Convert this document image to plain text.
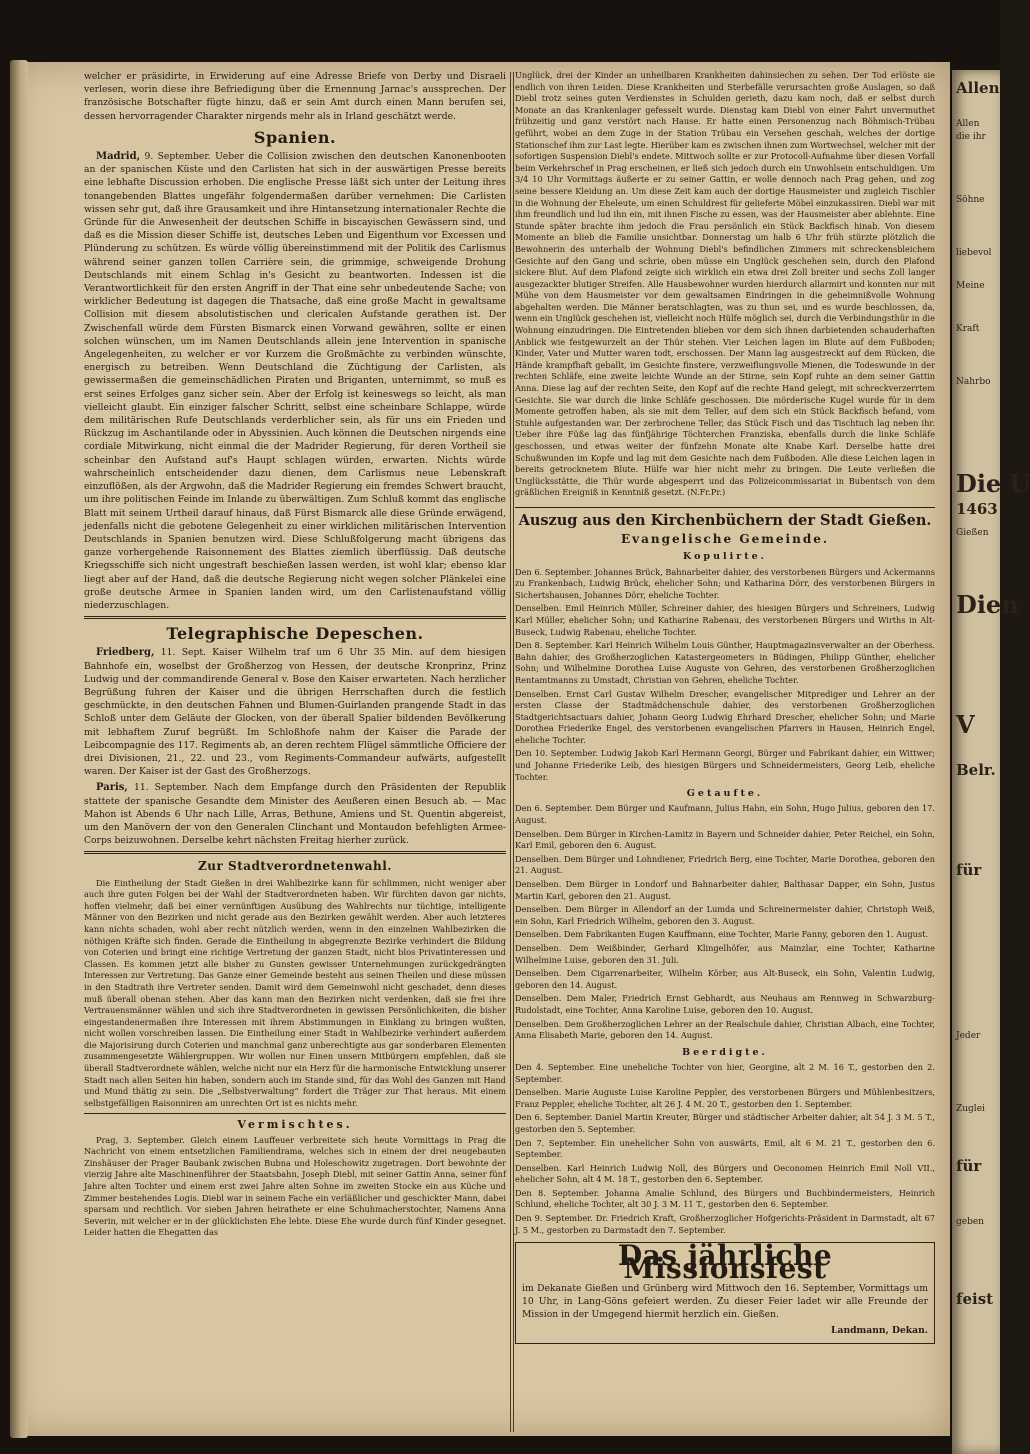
Allen
Allen
die ihr
Söhne
liebevol
Meine
Kraft
Nahrbo
Die U
1463
Gießen
Dien
V
Belr.
für
Jeder
Zuglei
für
geben
feist

welcher er präsidirte, in Erwiderung auf eine Adresse Briefe von Derby und Disraeli verlesen, worin diese ihre Befriedigung über die Ernennung Jarnac's aussprechen. Der französische Botschafter fügte hinzu, daß er sein Amt durch einen Mann berufen sei, dessen hervorragender Charakter nirgends mehr als in Irland geschätzt werde.

Spanien.

Madrid, 9. September. Ueber die Collision zwischen den deutschen Kanonenbooten an der spanischen Küste und den Carlisten hat sich in der auswärtigen Presse bereits eine lebhafte Discussion erhoben. Die englische Presse läßt sich unter der Leitung ihres tonangebenden Blattes ungefähr folgendermaßen darüber vernehmen: Die Carlisten wissen sehr gut, daß ihre Grausamkeit und ihre Hintansetzung internationaler Rechte die Gründe für die Anwesenheit der deutschen Schiffe in biscayischen Gewässern sind, und daß es die Mission dieser Schiffe ist, deutsches Leben und Eigenthum vor Excessen und Plünderung zu schützen. Es würde völlig übereinstimmend mit der Politik des Carlismus während seiner ganzen tollen Carrière sein, die grimmige, schweigende Drohung Deutschlands mit einem Schlag in's Gesicht zu beantworten. Indessen ist die Verantwortlichkeit für den ersten Angriff in der That eine sehr unbedeutende Sache; von wirklicher Bedeutung ist dagegen die Thatsache, daß eine große Macht in gewaltsame Collision mit diesem absolutistischen und clericalen Aufstande gerathen ist. Der Zwischenfall würde dem Fürsten Bismarck einen Vorwand gewähren, sollte er einen solchen wünschen, um im Namen Deutschlands allein jene Intervention in spanische Angelegenheiten, zu welcher er vor Kurzem die Großmächte zu verbinden wünschte, energisch zu betreiben. Wenn Deutschland die Züchtigung der Carlisten, als gewissermaßen die gemeinschädlichen Piraten und Briganten, unternimmt, so muß es erst seines Erfolges ganz sicher sein. Aber der Erfolg ist keineswegs so leicht, als man vielleicht glaubt. Ein einziger falscher Schritt, selbst eine scheinbare Schlappe, würde dem militärischen Rufe Deutschlands verderblicher sein, als für uns ein Frieden und Rückzug im Aschantilande oder in Abyssinien. Auch können die Deutschen nirgends eine cordiale Mitwirkung, nicht einmal die der Madrider Regierung, für deren Vortheil sie scheinbar den Aufstand auf's Haupt schlagen würden, erwarten. Nichts würde wahrscheinlich entscheidender dazu dienen, dem Carlismus neue Lebenskraft einzuflößen, als der Argwohn, daß die Madrider Regierung ein fremdes Schwert braucht, um ihre politischen Feinde im Inlande zu überwältigen. Zum Schluß kommt das englische Blatt mit seinem Urtheil darauf hinaus, daß Fürst Bismarck alle diese Gründe erwägend, jedenfalls nicht die gebotene Gelegenheit zu einer wirklichen militärischen Intervention Deutschlands in Spanien benutzen wird. Diese Schlußfolgerung macht übrigens das ganze vorhergehende Raisonnement des Blattes ziemlich überflüssig. Daß deutsche Kriegsschiffe sich nicht ungestraft beschießen lassen werden, ist wohl klar; ebenso klar liegt aber auf der Hand, daß die deutsche Regierung nicht wegen solcher Plänkelei eine große deutsche Armee in Spanien landen wird, um den Carlistenaufstand völlig niederzuschlagen.

Telegraphische Depeschen.

Friedberg, 11. Sept. Kaiser Wilhelm traf um 6 Uhr 35 Min. auf dem hiesigen Bahnhofe ein, woselbst der Großherzog von Hessen, der deutsche Kronprinz, Prinz Ludwig und der commandirende General v. Bose den Kaiser erwarteten. Nach herzlicher Begrüßung fuhren der Kaiser und die übrigen Herrschaften durch die festlich geschmückte, in den deutschen Fahnen und Blumen-Guirlanden prangende Stadt in das Schloß unter dem Geläute der Glocken, von der überall Spalier bildenden Bevölkerung mit lebhaftem Zuruf begrüßt. Im Schloßhofe nahm der Kaiser die Parade der Leibcompagnie des 117. Regiments ab, an deren rechtem Flügel sämmtliche Officiere der drei Divisionen, 21., 22. und 23., vom Regiments-Commandeur aufwärts, aufgestellt waren. Der Kaiser ist der Gast des Großherzogs.

Paris, 11. September. Nach dem Empfange durch den Präsidenten der Republik stattete der spanische Gesandte dem Minister des Aeußeren einen Besuch ab. — Mac Mahon ist Abends 6 Uhr nach Lille, Arras, Bethune, Amiens und St. Quentin abgereist, um den Manövern der von den Generalen Clinchant und Montaudon befehligten Armee-Corps beizuwohnen. Derselbe kehrt nächsten Freitag hierher zurück.

Zur Stadtverordnetenwahl.

Die Eintheilung der Stadt Gießen in drei Wahlbezirke kann für schlimmen, nicht weniger aber auch ihre guten Folgen bei der Wahl der Stadtverordneten haben. Wir fürchten davon gar nichts, hoffen vielmehr, daß bei einer vernünftigen Ausübung des Wahlrechts nur tüchtige, intelligente Männer von den Bezirken und nicht gerade aus den Bezirken gewählt werden. Aber auch letzteres kann nichts schaden, wohl aber recht nützlich werden, wenn in den einzelnen Wahlbezirken die nöthigen Kräfte sich finden. Gerade die Eintheilung in abgegrenzte Bezirke verhindert die Bildung von Coterien und bringt eine richtige Vertretung der ganzen Stadt, nicht blos Privatinteressen und Classen. Es kommen jetzt alle bisher zu Gunsten gewisser Unternehmungen zurückgedrängten Interessen zur Vertretung. Das Ganze einer Gemeinde besteht aus seinen Theilen und diese müssen in den Stadtrath ihre Vertreter senden. Damit wird dem Gemeinwohl nicht geschadet, denn dieses muß überall obenan stehen. Aber das kann man den Bezirken nicht verdenken, daß sie frei ihre Vertrauensmänner wählen und sich ihre Stadtverordneten in gewissen Persönlichkeiten, die bisher eingestandenermaßen ihre Interessen mit ihrem Abstimmungen in Einklang zu bringen wußten, nicht wollen vorschreiben lassen. Die Eintheilung einer Stadt in Wahlbezirke verhindert außerdem die Majorisirung durch Coterien und manchmal ganz unberechtigte aus gar sonderbaren Elementen zusammengesetzte Wählergruppen. Wir wollen nur Einen unsern Mitbürgern empfehlen, daß sie überall Stadtverordnete wählen, welche nicht nur ein Herz für die harmonische Entwicklung unserer Stadt nach allen Seiten hin haben, sondern auch im Stande sind, für das Wohl des Ganzen mit Hand und Mund thätig zu sein. Die „Selbstverwaltung“ fordert die Träger zur That heraus. Mit einem selbstgefälligen Raisonniren am unrechten Ort ist es nichts mehr.

Vermischtes.

Prag, 3. September. Gleich einem Lauffeuer verbreitete sich heute Vormittags in Prag die Nachricht von einem entsetzlichen Familiendrama, welches sich in einem der drei neugebauten Zinshäuser der Prager Baubank zwischen Bubna und Holeschowitz zugetragen. Dort bewohnte der vierzig Jahre alte Maschinenführer der Staatsbahn, Joseph Diebl, mit seiner Gattin Anna, seiner fünf Jahre alten Tochter und einem erst zwei Jahre alten Sohne im zweiten Stocke ein aus Küche und Zimmer bestehendes Logis. Diebl war in seinem Fache ein verläßlicher und geschickter Mann, dabei sparsam und rechtlich. Vor sieben Jahren heirathete er eine Schuhmacherstochter, Namens Anna Severin, mit welcher er in der glücklichsten Ehe lebte. Diese Ehe wurde durch fünf Kinder gesegnet. Leider hatten die Ehegatten das

Unglück, drei der Kinder an unheilbaren Krankheiten dahinsiechen zu sehen. Der Tod erlöste sie endlich von ihren Leiden. Diese Krankheiten und Sterbefälle verursachten große Auslagen, so daß Diebl trotz seines guten Verdienstes in Schulden gerieth, dazu kam noch, daß er selbst durch Monate an das Krankenlager gefesselt wurde. Dienstag kam Diebl von einer Fahrt unvermuthet frühzeitig und ganz verstört nach Hause. Er hatte einen Personenzug nach Böhmisch-Trübau geführt, wobei an dem Zuge in der Station Trübau ein Versehen geschah, welches der dortige Stationschef ihm zur Last legte. Hierüber kam es zwischen ihnen zum Wortwechsel, welcher mit der sofortigen Suspension Diebl's endete. Mittwoch sollte er zur Protocoll-Aufnahme über diesen Vorfall beim Verkehrschef in Prag erscheinen, er ließ sich jedoch durch ein Unwohlsein entschuldigen. Um 3/4 10 Uhr Vormittags äußerte er zu seiner Gattin, er wolle dennoch nach Prag gehen, und zog seine bessere Kleidung an. Um diese Zeit kam auch der dortige Hausmeister und zugleich Tischler in die Wohnung der Eheleute, um einen Schuldrest für gelieferte Möbel einzukassiren. Diebl war mit ihm freundlich und lud ihn ein, mit ihnen Fische zu essen, was der Hausmeister aber ablehnte. Eine Stunde später brachte ihm jedoch die Frau persönlich ein Stück Backfisch hinab. Von diesem Momente an blieb die Familie unsichtbar. Donnerstag um halb 6 Uhr früh stürzte plötzlich die Bewohnerin des unterhalb der Wohnung Diebl's befindlichen Zimmers mit schreckensbleichem Gesichte auf den Gang und schrie, oben müsse ein Unglück geschehen sein, durch den Plafond sickere Blut. Auf dem Plafond zeigte sich wirklich ein etwa drei Zoll breiter und sechs Zoll langer ausgezackter blutiger Streifen. Alle Hausbewohner wurden hierdurch allarmirt und konnten nur mit Mühe von dem Hausmeister vor dem gewaltsamen Eindringen in die geheimnißvolle Wohnung abgehalten werden. Die Männer beratschlagten, was zu thun sei, und es wurde beschlossen, da, wenn ein Unglück geschehen ist, vielleicht noch Hülfe möglich sei, durch die Verbindungsthür in die Wohnung einzudringen. Die Eintretenden blieben vor dem sich ihnen darbietenden schauderhaften Anblick wie festgewurzelt an der Thür stehen. Vier Leichen lagen im Blute auf dem Fußboden; Kinder, Vater und Mutter waren todt, erschossen. Der Mann lag ausgestreckt auf dem Rücken, die Hände krampfhaft geballt, im Gesichte finstere, verzweiflungsvolle Mienen, die Todeswunde in der rechten Schläfe, eine zweite leichte Wunde an der Stirne, sein Kopf ruhte an dem seiner Gattin Anna. Diese lag auf der rechten Seite, den Kopf auf die rechte Hand gelegt, mit schreckverzerrtem Gesichte. Sie war durch die linke Schläfe geschossen. Die mörderische Kugel wurde für in dem Momente getroffen haben, als sie mit dem Teller, auf dem sich ein Stück Backfisch befand, vom Stuhle aufgestanden war. Der zerbrochene Teller, das Stück Fisch und das Tischtuch lag neben ihr. Ueber ihre Füße lag das fünfjährige Töchterchen Franziska, ebenfalls durch die linke Schläfe geschossen, und etwas weiter der fünfzehn Monate alte Knabe Karl. Derselbe hatte drei Schußwunden im Kopfe und lag mit dem Gesichte nach dem Fußboden. Alle diese Leichen lagen in bereits getrocknetem Blute. Hülfe war hier nicht mehr zu bringen. Die Leute verließen die Unglücksstätte, die Thür wurde abgesperrt und das Polizeicommissariat in Bubentsch von dem gräßlichen Ereigniß in Kenntniß gesetzt. (N.Fr.Pr.)

Auszug aus den Kirchenbüchern der Stadt Gießen.
Evangelische Gemeinde.
Kopulirte.

Den 6. September. Johannes Brück, Bahnarbeiter dahier, des verstorbenen Bürgers und Ackermanns zu Frankenbach, Ludwig Brück, ehelicher Sohn; und Katharina Dörr, des verstorbenen Bürgers in Sichertshausen, Johannes Dörr, eheliche Tochter.

Denselben. Emil Heinrich Müller, Schreiner dahier, des hiesigen Bürgers und Schreiners, Ludwig Karl Müller, ehelicher Sohn; und Katharine Rabenau, des verstorbenen Bürgers und Wirths in Alt-Buseck, Ludwig Rabenau, eheliche Tochter.

Den 8. September. Karl Heinrich Wilhelm Louis Günther, Hauptmagazinsverwalter an der Oberhess. Bahn dahier, des Großherzoglichen Katastergeometers in Büdingen, Philipp Günther, ehelicher Sohn; und Wilhelmine Dorothea Luise Auguste von Gehren, des verstorbenen Großherzoglichen Rentamtmanns zu Umstadt, Christian von Gehren, eheliche Tochter.

Denselben. Ernst Carl Gustav Wilhelm Drescher, evangelischer Mitprediger und Lehrer an der ersten Classe der Stadtmädchenschule dahier, des verstorbenen Großherzoglichen Stadtgerichtsactuars dahier, Johann Georg Ludwig Ehrhard Drescher, ehelicher Sohn; und Marie Dorothea Friederike Engel, des verstorbenen evangelischen Pfarrers in Hausen, Heinrich Engel, eheliche Tochter.

Den 10. September. Ludwig Jakob Karl Hermann Georgi, Bürger und Fabrikant dahier, ein Wittwer; und Johanne Friederike Leib, des hiesigen Bürgers und Schneidermeisters, Georg Leib, eheliche Tochter.

Getaufte.

Den 6. September. Dem Bürger und Kaufmann, Julius Hahn, ein Sohn, Hugo Julius, geboren den 17. August.

Denselben. Dem Bürger in Kirchen-Lamitz in Bayern und Schneider dahier, Peter Reichel, ein Sohn, Karl Emil, geboren den 6. August.

Denselben. Dem Bürger und Lohndiener, Friedrich Berg, eine Tochter, Marie Dorothea, geboren den 21. August.

Denselben. Dem Bürger in Londorf und Bahnarbeiter dahier, Balthasar Dapper, ein Sohn, Justus Martin Karl, geboren den 21. August.

Denselben. Dem Bürger in Allendorf an der Lumda und Schreinermeister dahier, Christoph Weiß, ein Sohn, Karl Friedrich Wilhelm, geboren den 3. August.

Denselben. Dem Fabrikanten Eugen Kauffmann, eine Tochter, Marie Fanny, geboren den 1. August.

Denselben. Dem Weißbinder, Gerhard Klingelhöfer, aus Mainzlar, eine Tochter, Katharine Wilhelmine Luise, geboren den 31. Juli.

Denselben. Dem Cigarrenarbeiter, Wilhelm Körber, aus Alt-Buseck, ein Sohn, Valentin Ludwig, geboren den 14. August.

Denselben. Dem Maler, Friedrich Ernst Gebhardt, aus Neuhaus am Rennweg in Schwarzburg-Rudolstadt, eine Tochter, Anna Karoline Luise, geboren den 10. August.

Denselben. Dem Großherzoglichen Lehrer an der Realschule dahier, Christian Albach, eine Tochter, Anna Elisabeth Marie, geboren den 14. August.

Beerdigte.

Den 4. September. Eine uneheliche Tochter von hier, Georgine, alt 2 M. 16 T., gestorben den 2. September.

Denselben. Marie Auguste Luise Karoline Peppler, des verstorbenen Bürgers und Mühlenbesitzers, Franz Peppler, eheliche Tochter, alt 26 J. 4 M. 20 T., gestorben den 1. September.

Den 6. September. Daniel Martin Kreuter, Bürger und städtischer Arbeiter dahier, alt 54 J. 3 M. 5 T., gestorben den 5. September.

Den 7. September. Ein unehelicher Sohn von auswärts, Emil, alt 6 M. 21 T., gestorben den 6. September.

Denselben. Karl Heinrich Ludwig Noll, des Bürgers und Oeconomen Heinrich Emil Noll VII., ehelicher Sohn, alt 4 M. 18 T., gestorben den 6. September.

Den 8. September. Johanna Amalie Schlund, des Bürgers und Buchbindermeisters, Heinrich Schlund, eheliche Tochter, alt 30 J. 3 M. 11 T., gestorben den 6. September.

Den 9. September. Dr. Friedrich Kraft, Großherzoglicher Hofgerichts-Präsident in Darmstadt, alt 67 J. 5 M., gestorben zu Darmstadt den 7. September.

Das jährliche Missionsfest

im Dekanate Gießen und Grünberg wird Mittwoch den 16. September, Vormittags um 10 Uhr, in Lang-Göns gefeiert werden. Zu dieser Feier ladet wir alle Freunde der Mission in der Umgegend hiermit herzlich ein. Gießen.

Landmann, Dekan.
